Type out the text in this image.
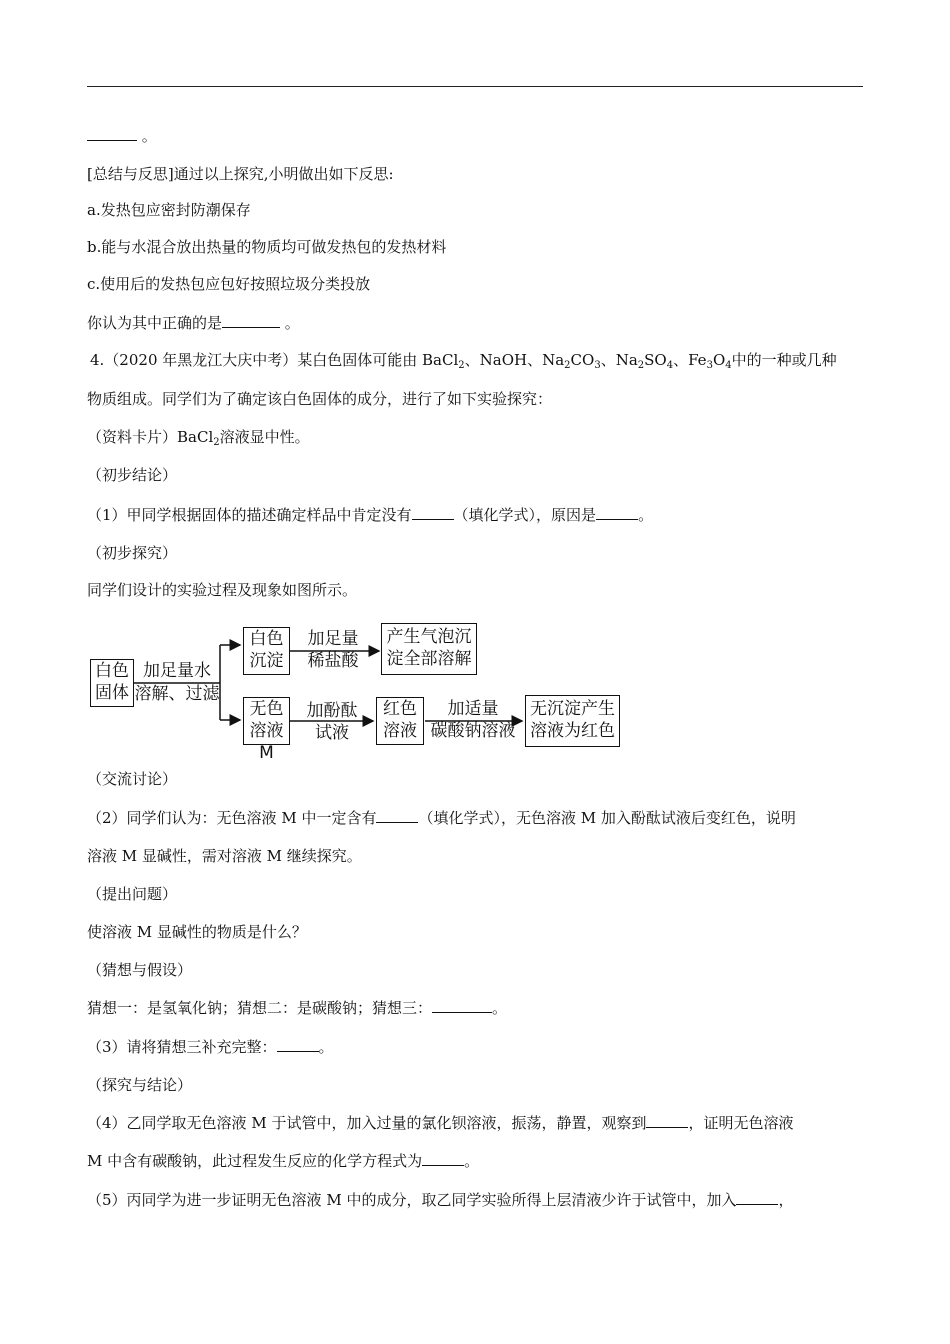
。
[总结与反思]通过以上探究,小明做出如下反思:
a.发热包应密封防潮保存
b.能与水混合放出热量的物质均可做发热包的发热材料
c.使用后的发热包应包好按照垃圾分类投放
你认为其中正确的是	。
4.（2020 年黑龙江大庆中考）某白色固体可能由 BaCl$_2$、NaOH、$Na_2CO_3$、$Na_2SO_4$、$Fe_3O_4$中的一种或几种
物质组成。同学们为了确定该白色固体的成分，进行了如下实验探究：
（资料卡片）BaCl$_2$溶液显中性。
（初步结论）
（1）甲同学根据固体的描述确定样品中肯定没有	（填化学式），原因是	。
（初步探究）
同学们设计的实验过程及现象如图所示。
白色
固体
加足量水
溶解、过滤
白色
沉淀
加足量
稀盐酸
产生气泡沉
淀全部溶解
无色
溶液M
加酚酞
试液
红色
溶液
加适量
碳酸钠溶液
无沉淀产生
溶液为红色
（交流讨论）
（2）同学们认为：无色溶液 M 中一定含有	（填化学式），无色溶液 M 加入酚酞试液后变红色，说明
溶液 M 显碱性，需对溶液 M 继续探究。
（提出问题）
使溶液 M 显碱性的物质是什么？
（猜想与假设）
猜想一：是氢氧化钠；猜想二：是碳酸钠；猜想三：	。
（3）请将猜想三补充完整：	。
（探究与结论）
（4）乙同学取无色溶液 M 于试管中，加入过量的氯化钡溶液，振荡，静置，观察到	，证明无色溶液
M 中含有碳酸钠，此过程发生反应的化学方程式为	。
（5）丙同学为进一步证明无色溶液 M 中的成分，取乙同学实验所得上层清液少许于试管中，加入	，
